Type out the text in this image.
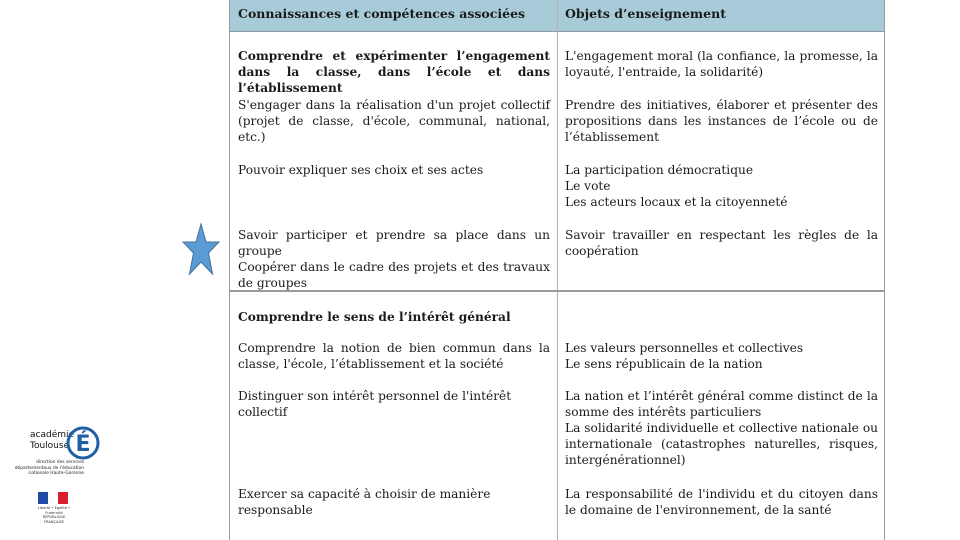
académie
Toulouse É
direction des services départementaux de l'éducation nationale Haute-Garonne
Liberté • Égalité • Fraternité RÉPUBLIQUE FRANÇAISE
Connaissances et compétences associées	Objets d’enseignement
Comprendre et expérimenter l’engagement dans la classe, dans l’école et dans l’établissement
L'engagement moral (la confiance, la promesse, la loyauté, l'entraide, la solidarité)
S'engager dans la réalisation d'un projet collectif (projet de classe, d'école, communal, national, etc.)
Prendre des initiatives, élaborer et présenter des propositions dans les instances de l’école ou de l’établissement
Pouvoir expliquer ses choix et ses actes	La participation démocratique
Le vote
Les acteurs locaux et la citoyenneté
Savoir participer et prendre sa place dans un groupe
Coopérer dans le cadre des projets et des travaux de groupes
Savoir travailler en respectant les règles de la coopération
Comprendre le sens de l’intérêt général
Comprendre la notion de bien commun dans la classe, l'école, l’établissement et la société
Les valeurs personnelles et collectives
Le sens républicain de la nation
Distinguer son intérêt personnel de l'intérêt collectif
La nation et l’intérêt général comme distinct de la somme des intérêts particuliers
La solidarité individuelle et collective nationale ou internationale (catastrophes naturelles, risques, intergénérationnel)
Exercer sa capacité à choisir de manière responsable
La responsabilité de l'individu et du citoyen dans le domaine de l'environnement, de la santé
